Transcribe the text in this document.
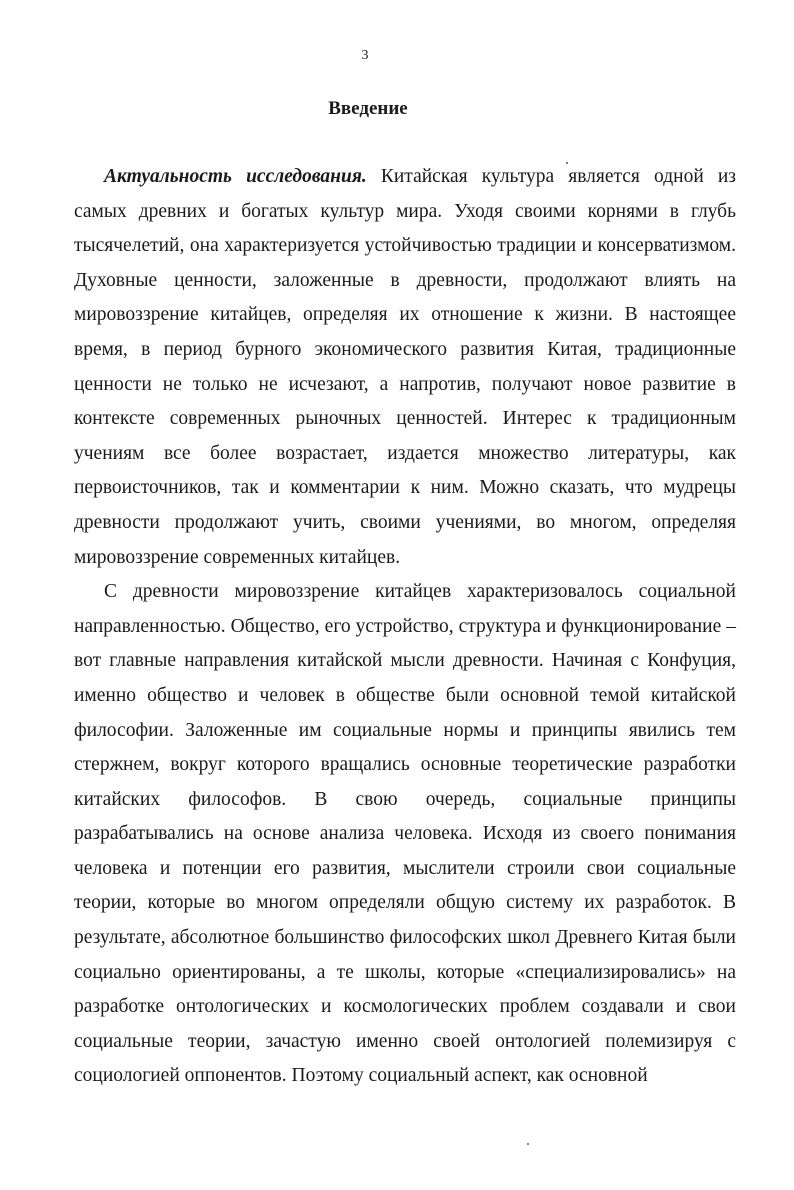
3
Введение

Актуальность исследования. Китайская культура является одной из самых древних и богатых культур мира. Уходя своими корнями в глубь тысячелетий, она характеризуется устойчивостью традиции и консерватизмом. Духовные ценности, заложенные в древности, продолжают влиять на мировоззрение китайцев, определяя их отношение к жизни. В настоящее время, в период бурного экономического развития Китая, традиционные ценности не только не исчезают, а напротив, получают новое развитие в контексте современных рыночных ценностей. Интерес к традиционным учениям все более возрастает, издается множество литературы, как первоисточников, так и комментарии к ним. Можно сказать, что мудрецы древности продолжают учить, своими учениями, во многом, определяя мировоззрение современных китайцев.

С древности мировоззрение китайцев характеризовалось социальной направленностью. Общество, его устройство, структура и функционирование – вот главные направления китайской мысли древности. Начиная с Конфуция, именно общество и человек в обществе были основной темой китайской философии. Заложенные им социальные нормы и принципы явились тем стержнем, вокруг которого вращались основные теоретические разработки китайских философов. В свою очередь, социальные принципы разрабатывались на основе анализа человека. Исходя из своего понимания человека и потенции его развития, мыслители строили свои социальные теории, которые во многом определяли общую систему их разработок. В результате, абсолютное большинство философских школ Древнего Китая были социально ориентированы, а те школы, которые «специализировались» на разработке онтологических и космологических проблем создавали и свои социальные теории, зачастую именно своей онтологией полемизируя с социологией оппонентов. Поэтому социальный аспект, как основной
